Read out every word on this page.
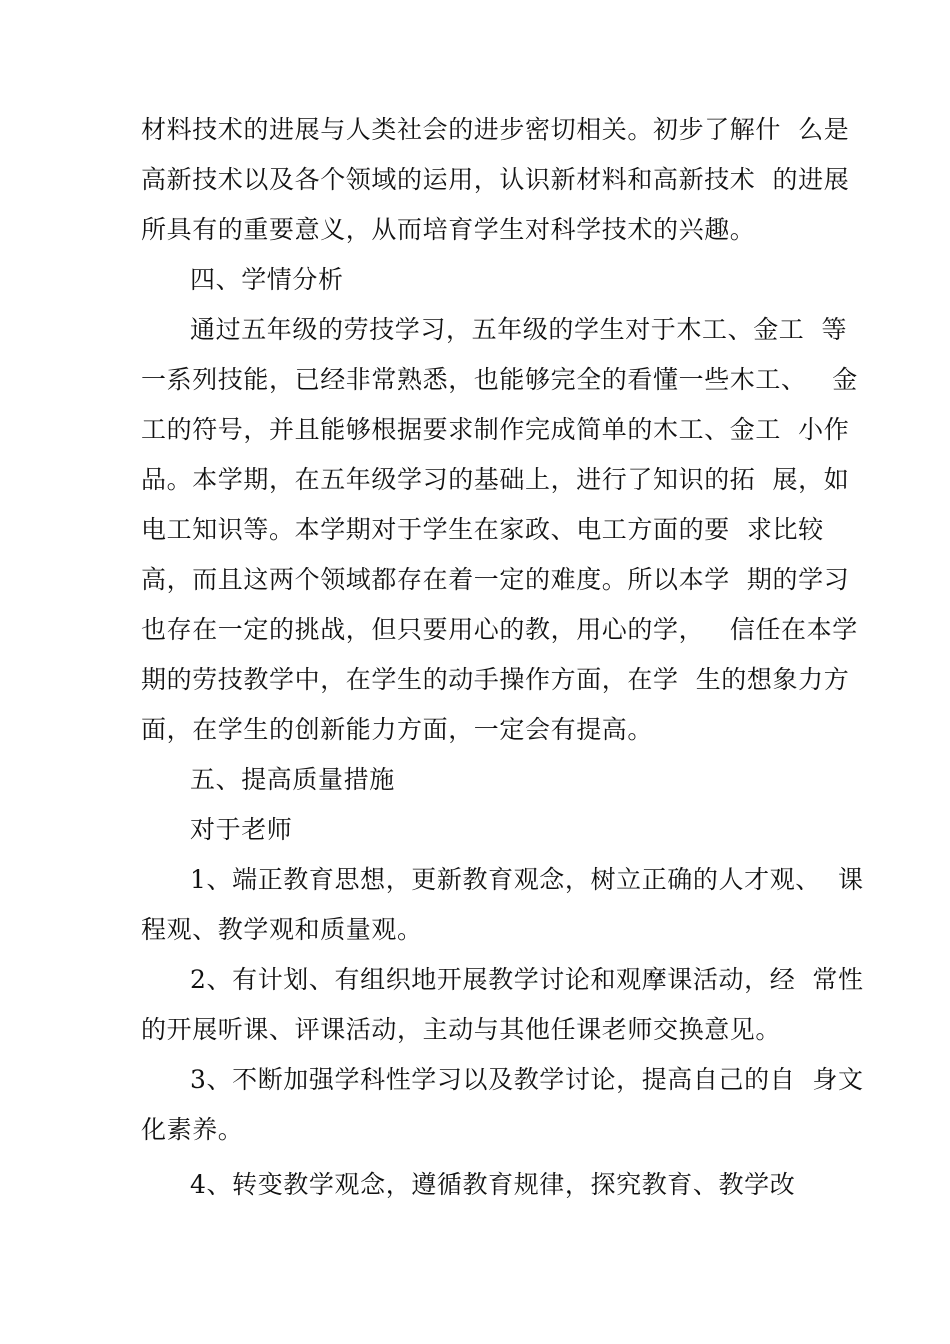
材料技术的进展与人类社会的进步密切相关。初步了解什  么是
高新技术以及各个领域的运用，认识新材料和高新技术  的进展
所具有的重要意义，从而培育学生对科学技术的兴趣。
四、学情分析
通过五年级的劳技学习，五年级的学生对于木工、金工  等
一系列技能，已经非常熟悉，也能够完全的看懂一些木工、   金
工的符号，并且能够根据要求制作完成简单的木工、金工  小作
品。本学期，在五年级学习的基础上，进行了知识的拓  展，如
电工知识等。本学期对于学生在家政、电工方面的要  求比较
高，而且这两个领域都存在着一定的难度。所以本学  期的学习
也存在一定的挑战，但只要用心的教，用心的学，   信任在本学
期的劳技教学中，在学生的动手操作方面，在学  生的想象力方
面，在学生的创新能力方面，一定会有提高。
五、提高质量措施
对于老师
1、端正教育思想，更新教育观念，树立正确的人才观、  课
程观、教学观和质量观。
2、有计划、有组织地开展教学讨论和观摩课活动，经  常性
的开展听课、评课活动，主动与其他任课老师交换意见。
3、不断加强学科性学习以及教学讨论，提高自己的自  身文
化素养。
4、转变教学观念，遵循教育规律，探究教育、教学改
